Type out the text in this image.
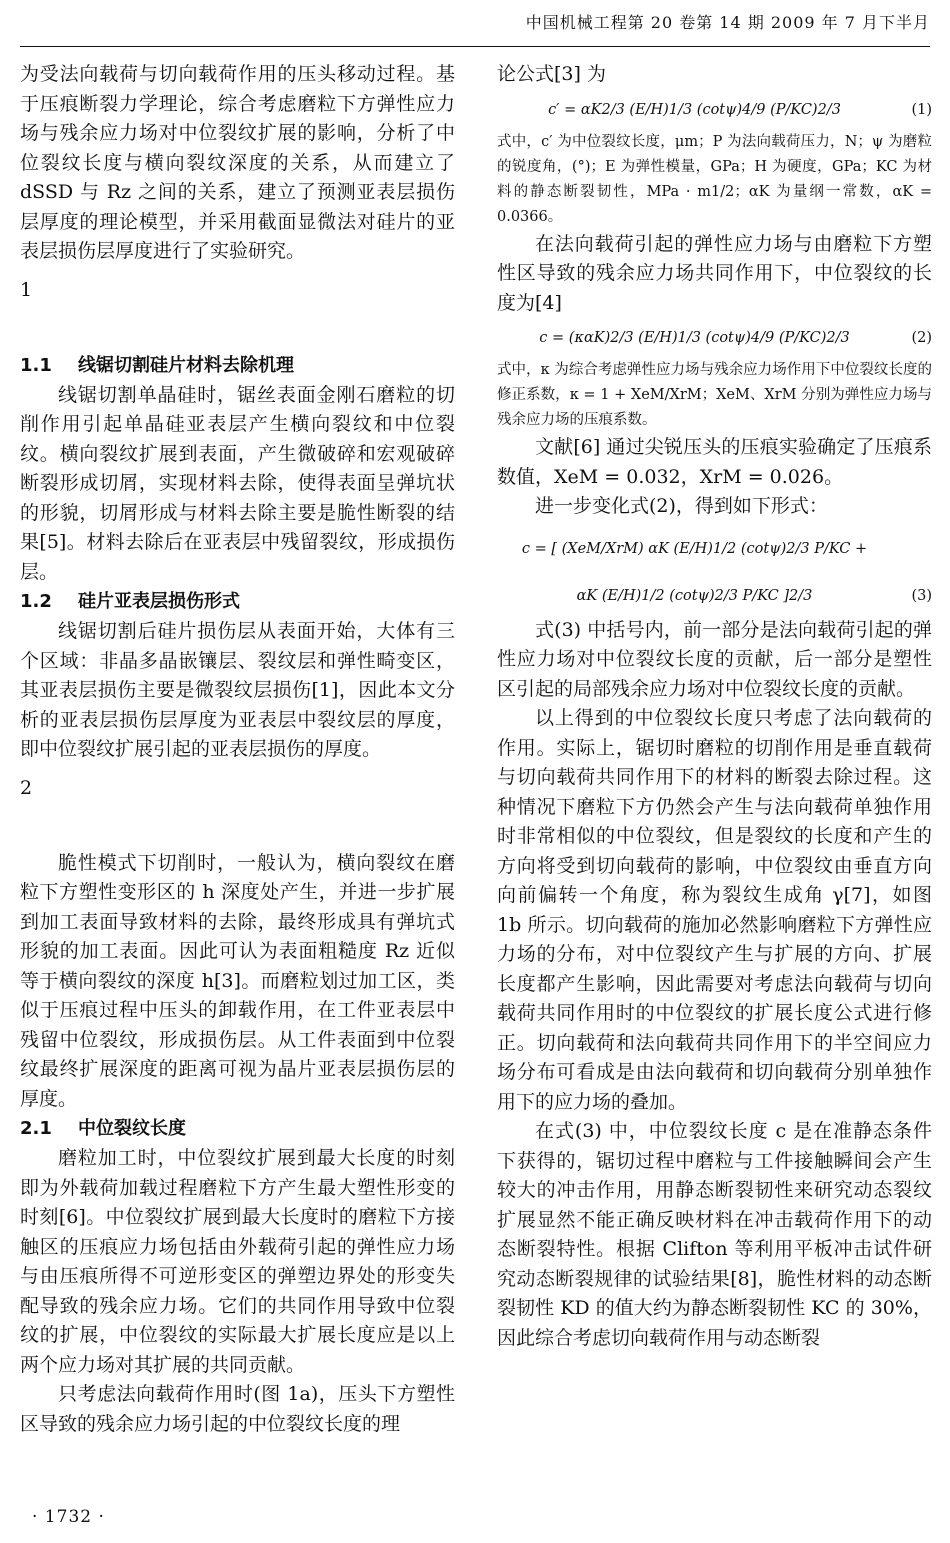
中国机械工程第 20 卷第 14 期 2009 年 7 月下半月

为受法向载荷与切向载荷作用的压头移动过程。基于压痕断裂力学理论，综合考虑磨粒下方弹性应力场与残余应力场对中位裂纹扩展的影响，分析了中位裂纹长度与横向裂纹深度的关系，从而建立了 dSSD 与 Rz 之间的关系，建立了预测亚表层损伤层厚度的理论模型，并采用截面显微法对硅片的亚表层损伤层厚度进行了实验研究。

1
1.1 线锯切割硅片材料去除机理

线锯切割单晶硅时，锯丝表面金刚石磨粒的切削作用引起单晶硅亚表层产生横向裂纹和中位裂纹。横向裂纹扩展到表面，产生微破碎和宏观破碎断裂形成切屑，实现材料去除，使得表面呈弹坑状的形貌，切屑形成与材料去除主要是脆性断裂的结果[5]。材料去除后在亚表层中残留裂纹，形成损伤层。

1.2 硅片亚表层损伤形式

线锯切割后硅片损伤层从表面开始，大体有三个区域：非晶多晶嵌镶层、裂纹层和弹性畸变区，其亚表层损伤主要是微裂纹层损伤[1]，因此本文分析的亚表层损伤层厚度为亚表层中裂纹层的厚度，即中位裂纹扩展引起的亚表层损伤的厚度。

2

脆性模式下切削时，一般认为，横向裂纹在磨粒下方塑性变形区的 h 深度处产生，并进一步扩展到加工表面导致材料的去除，最终形成具有弹坑式形貌的加工表面。因此可认为表面粗糙度 Rz 近似等于横向裂纹的深度 h[3]。而磨粒划过加工区，类似于压痕过程中压头的卸载作用，在工件亚表层中残留中位裂纹，形成损伤层。从工件表面到中位裂纹最终扩展深度的距离可视为晶片亚表层损伤层的厚度。

2.1 中位裂纹长度

磨粒加工时，中位裂纹扩展到最大长度的时刻即为外载荷加载过程磨粒下方产生最大塑性形变的时刻[6]。中位裂纹扩展到最大长度时的磨粒下方接触区的压痕应力场包括由外载荷引起的弹性应力场与由压痕所得不可逆形变区的弹塑边界处的形变失配导致的残余应力场。它们的共同作用导致中位裂纹的扩展，中位裂纹的实际最大扩展长度应是以上两个应力场对其扩展的共同贡献。

只考虑法向载荷作用时(图 1a)，压头下方塑性区导致的残余应力场引起的中位裂纹长度的理

论公式[3] 为

c′ = αK2/3 (E/H)1/3 (cotψ)4/9 (P/KC)2/3	(1)

式中，c′ 为中位裂纹长度，μm；P 为法向载荷压力，N；ψ 为磨粒的锐度角，(°)；E 为弹性模量，GPa；H 为硬度，GPa；KC 为材料的静态断裂韧性，MPa · m1/2；αK 为量纲一常数，αK = 0.0366。

在法向载荷引起的弹性应力场与由磨粒下方塑性区导致的残余应力场共同作用下，中位裂纹的长度为[4]

c = (καK)2/3 (E/H)1/3 (cotψ)4/9 (P/KC)2/3	(2)

式中，κ 为综合考虑弹性应力场与残余应力场作用下中位裂纹长度的修正系数，κ = 1 + XeM/XrM；XeM、XrM 分别为弹性应力场与残余应力场的压痕系数。

文献[6] 通过尖锐压头的压痕实验确定了压痕系数值，XeM = 0.032，XrM = 0.026。

进一步变化式(2)，得到如下形式：

c = [ (XeM/XrM) αK (E/H)1/2 (cotψ)2/3 P/KC +
αK (E/H)1/2 (cotψ)2/3 P/KC ]2/3	(3)

式(3) 中括号内，前一部分是法向载荷引起的弹性应力场对中位裂纹长度的贡献，后一部分是塑性区引起的局部残余应力场对中位裂纹长度的贡献。

以上得到的中位裂纹长度只考虑了法向载荷的作用。实际上，锯切时磨粒的切削作用是垂直载荷与切向载荷共同作用下的材料的断裂去除过程。这种情况下磨粒下方仍然会产生与法向载荷单独作用时非常相似的中位裂纹，但是裂纹的长度和产生的方向将受到切向载荷的影响，中位裂纹由垂直方向向前偏转一个角度，称为裂纹生成角 γ[7]，如图 1b 所示。切向载荷的施加必然影响磨粒下方弹性应力场的分布，对中位裂纹产生与扩展的方向、扩展长度都产生影响，因此需要对考虑法向载荷与切向载荷共同作用时的中位裂纹的扩展长度公式进行修正。切向载荷和法向载荷共同作用下的半空间应力场分布可看成是由法向载荷和切向载荷分别单独作用下的应力场的叠加。

在式(3) 中，中位裂纹长度 c 是在准静态条件下获得的，锯切过程中磨粒与工件接触瞬间会产生较大的冲击作用，用静态断裂韧性来研究动态裂纹扩展显然不能正确反映材料在冲击载荷作用下的动态断裂特性。根据 Clifton 等利用平板冲击试件研究动态断裂规律的试验结果[8]，脆性材料的动态断裂韧性 KD 的值大约为静态断裂韧性 KC 的 30%，因此综合考虑切向载荷作用与动态断裂

· 1732 ·
